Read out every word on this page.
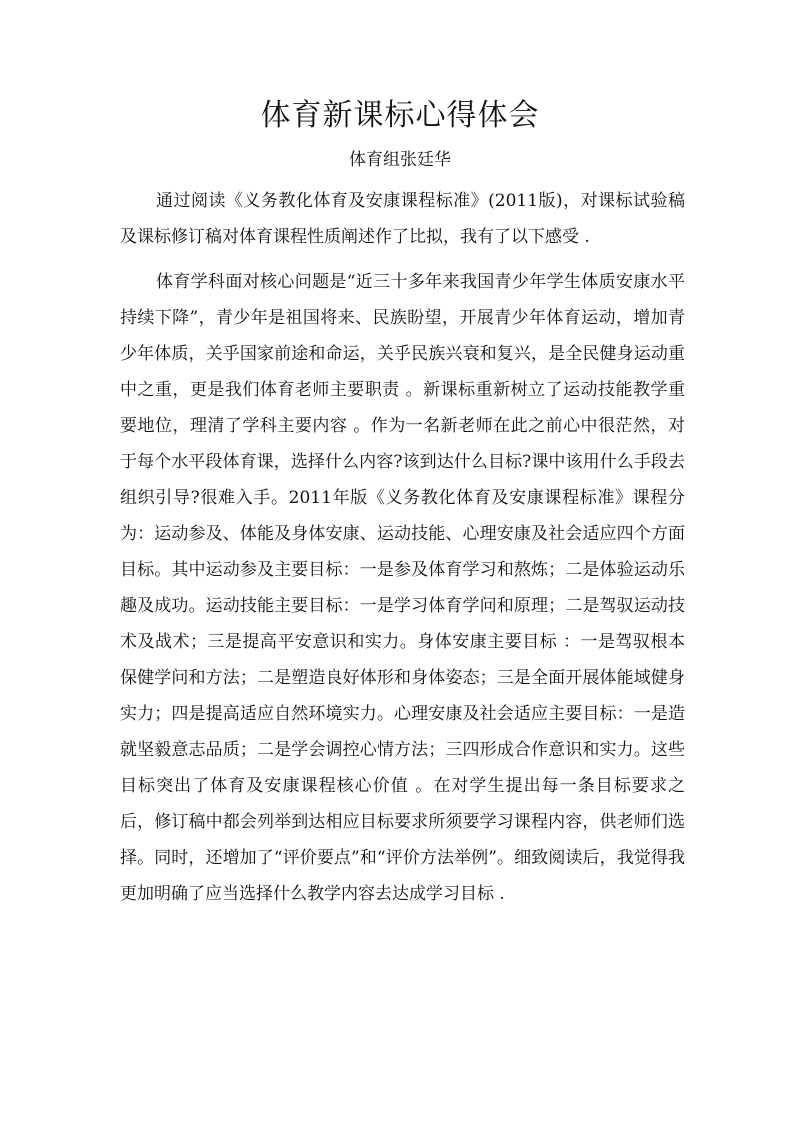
体育新课标心得体会

体育组张廷华

通过阅读《义务教化体育及安康课程标准》(2011版)，对课标试验稿及课标修订稿对体育课程性质阐述作了比拟，我有了以下感受 .

体育学科面对核心问题是“近三十多年来我国青少年学生体质安康水平持续下降”，青少年是祖国将来、民族盼望，开展青少年体育运动，增加青少年体质，关乎国家前途和命运，关乎民族兴衰和复兴，是全民健身运动重中之重，更是我们体育老师主要职责 。新课标重新树立了运动技能教学重要地位，理清了学科主要内容 。作为一名新老师在此之前心中很茫然，对于每个水平段体育课，选择什么内容?该到达什么目标?课中该用什么手段去组织引导?很难入手。2011年版《义务教化体育及安康课程标准》课程分为：运动参及、体能及身体安康、运动技能、心理安康及社会适应四个方面目标。其中运动参及主要目标：一是参及体育学习和熬炼；二是体验运动乐趣及成功。运动技能主要目标：一是学习体育学问和原理；二是驾驭运动技术及战术；三是提高平安意识和实力。身体安康主要目标 ：一是驾驭根本保健学问和方法；二是塑造良好体形和身体姿态；三是全面开展体能域健身实力；四是提高适应自然环境实力。心理安康及社会适应主要目标：一是造就坚毅意志品质；二是学会调控心情方法；三四形成合作意识和实力。这些目标突出了体育及安康课程核心价值 。在对学生提出每一条目标要求之后，修订稿中都会列举到达相应目标要求所须要学习课程内容，供老师们选择。同时，还增加了“评价要点”和“评价方法举例”。细致阅读后，我觉得我更加明确了应当选择什么教学内容去达成学习目标 .
